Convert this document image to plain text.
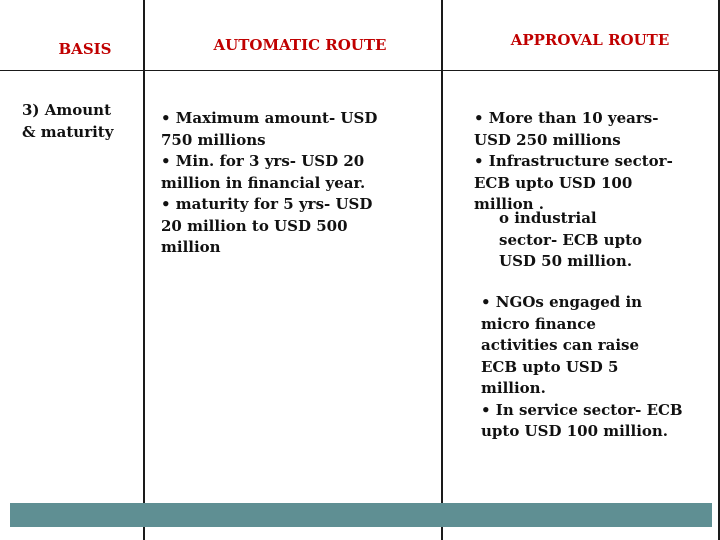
BASIS	AUTOMATIC ROUTE	APPROVAL ROUTE

3) Amount

& maturity

• Maximum amount- USD

750 millions

• Min. for 3 yrs- USD 20

million in financial year.

• maturity for 5 yrs- USD

20 million to USD 500

million

• More than 10 years-

USD 250 millions

• Infrastructure sector-

ECB upto USD 100

million .

o industrial

sector- ECB upto

USD 50 million.

• NGOs engaged in

micro finance

activities can raise

ECB upto USD 5

million.

• In service sector- ECB

upto USD 100 million.
